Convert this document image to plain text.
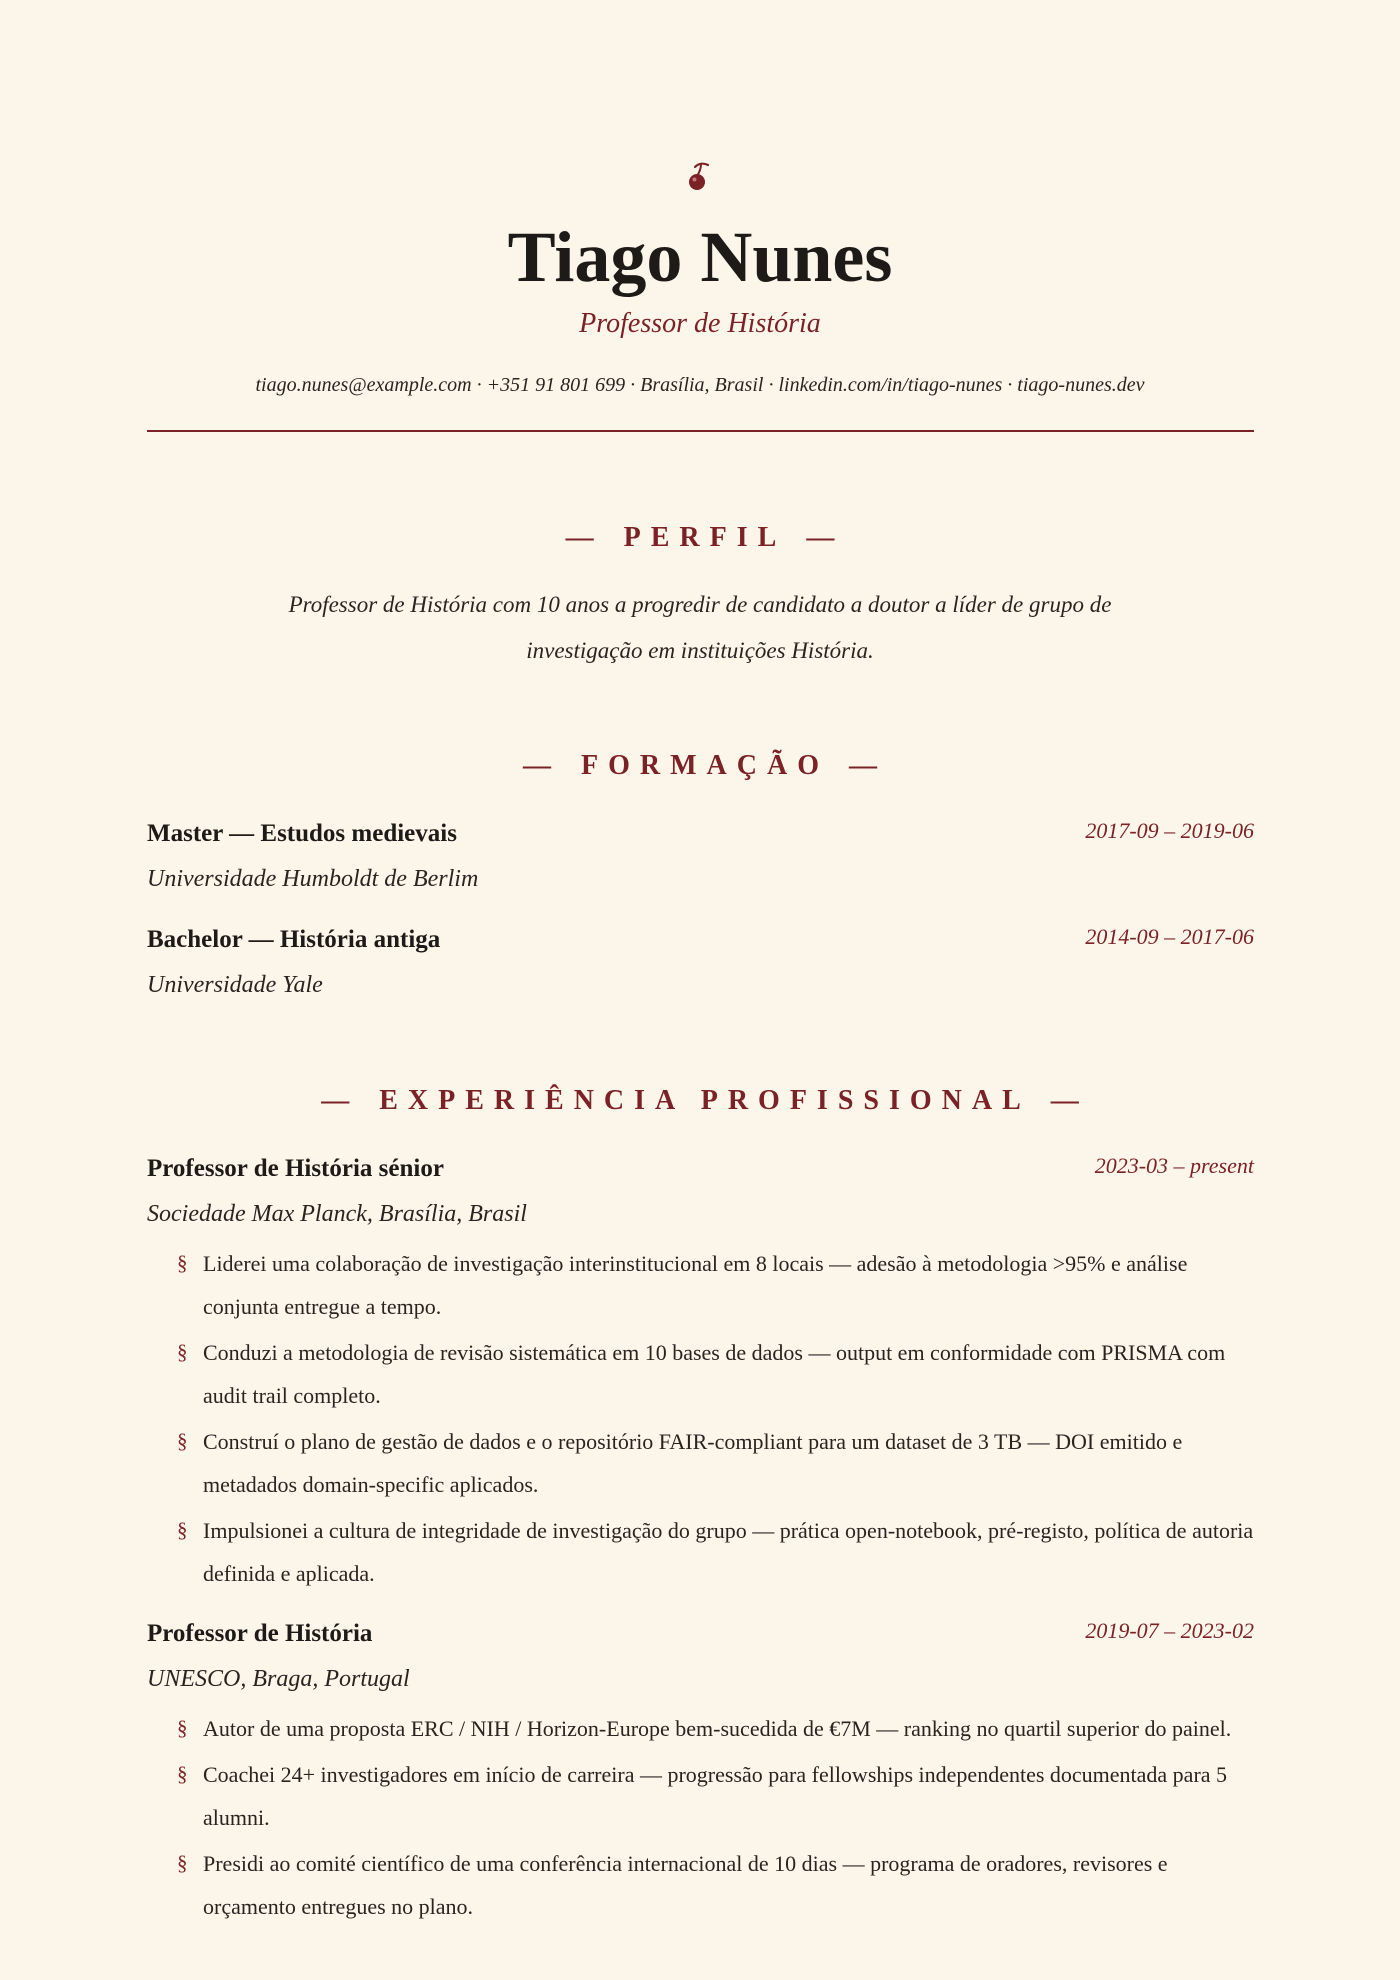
Tiago Nunes
Professor de História
tiago.nunes@example.com · +351 91 801 699 · Brasília, Brasil · linkedin.com/in/tiago-nunes · tiago-nunes.dev
— PERFIL —
Professor de História com 10 anos a progredir de candidato a doutor a líder de grupo de investigação em instituições História.
— FORMAÇÃO —
Master — Estudos medievais	2017-09 – 2019-06
Universidade Humboldt de Berlim
Bachelor — História antiga	2014-09 – 2017-06
Universidade Yale
— EXPERIÊNCIA PROFISSIONAL —
Professor de História sénior	2023-03 – present
Sociedade Max Planck, Brasília, Brasil
§ Liderei uma colaboração de investigação interinstitucional em 8 locais — adesão à metodologia >95% e análise conjunta entregue a tempo.
§ Conduzi a metodologia de revisão sistemática em 10 bases de dados — output em conformidade com PRISMA com audit trail completo.
§ Construí o plano de gestão de dados e o repositório FAIR-compliant para um dataset de 3 TB — DOI emitido e metadados domain-specific aplicados.
§ Impulsionei a cultura de integridade de investigação do grupo — prática open-notebook, pré-registo, política de autoria definida e aplicada.
Professor de História	2019-07 – 2023-02
UNESCO, Braga, Portugal
§ Autor de uma proposta ERC / NIH / Horizon-Europe bem-sucedida de €7M — ranking no quartil superior do painel.
§ Coachei 24+ investigadores em início de carreira — progressão para fellowships independentes documentada para 5 alumni.
§ Presidi ao comité científico de uma conferência internacional de 10 dias — programa de oradores, revisores e orçamento entregues no plano.
